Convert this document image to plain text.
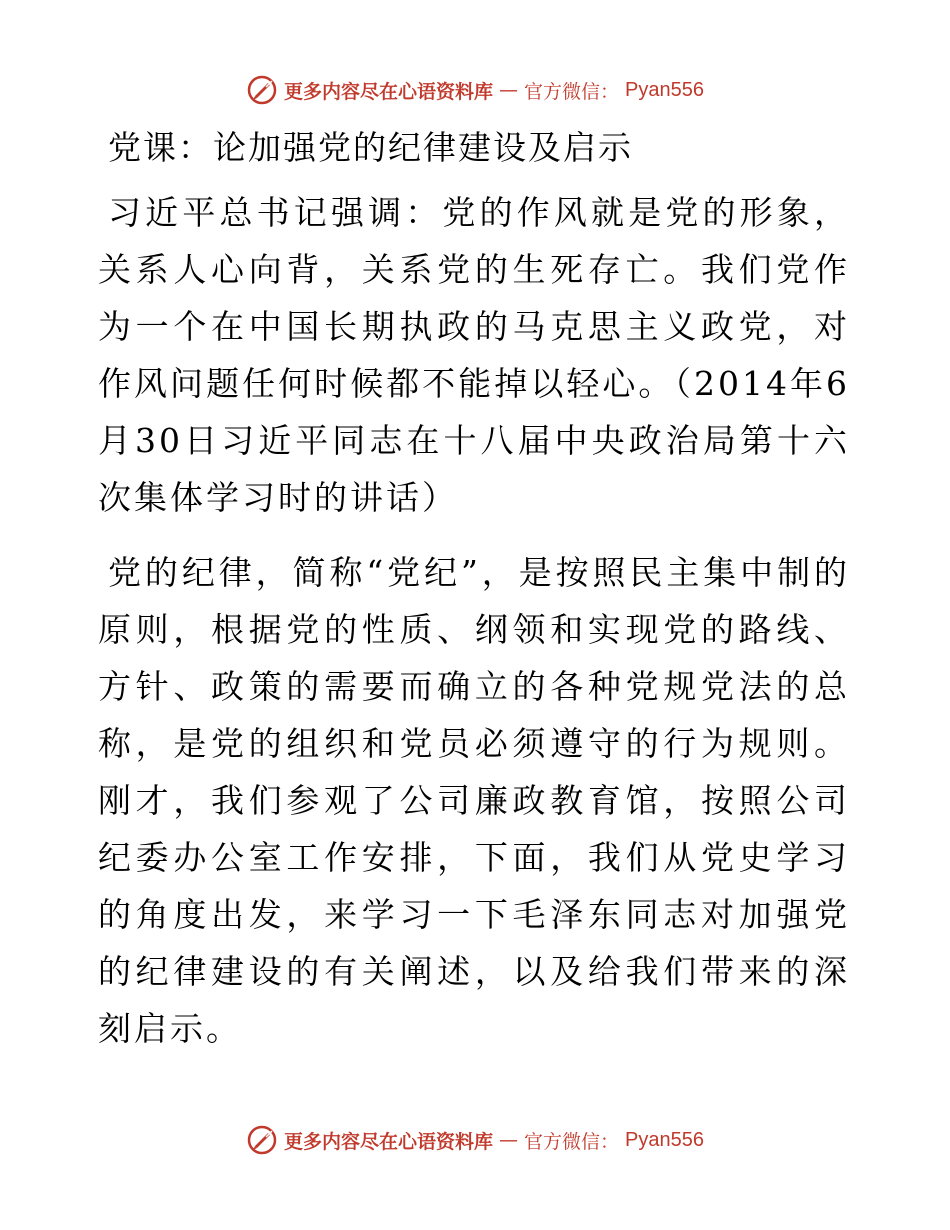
更多内容尽在心语资料库 — 官方微信： Pyan556
党课：论加强党的纪律建设及启示

习近平总书记强调：党的作风就是党的形象，关系人心向背，关系党的生死存亡。我们党作为一个在中国长期执政的马克思主义政党，对作风问题任何时候都不能掉以轻心。（2014年6月30日习近平同志在十八届中央政治局第十六次集体学习时的讲话）

党的纪律，简称“党纪”，是按照民主集中制的原则，根据党的性质、纲领和实现党的路线、方针、政策的需要而确立的各种党规党法的总称，是党的组织和党员必须遵守的行为规则。刚才，我们参观了公司廉政教育馆，按照公司纪委办公室工作安排，下面，我们从党史学习的角度出发，来学习一下毛泽东同志对加强党的纪律建设的有关阐述，以及给我们带来的深刻启示。

更多内容尽在心语资料库 — 官方微信： Pyan556
